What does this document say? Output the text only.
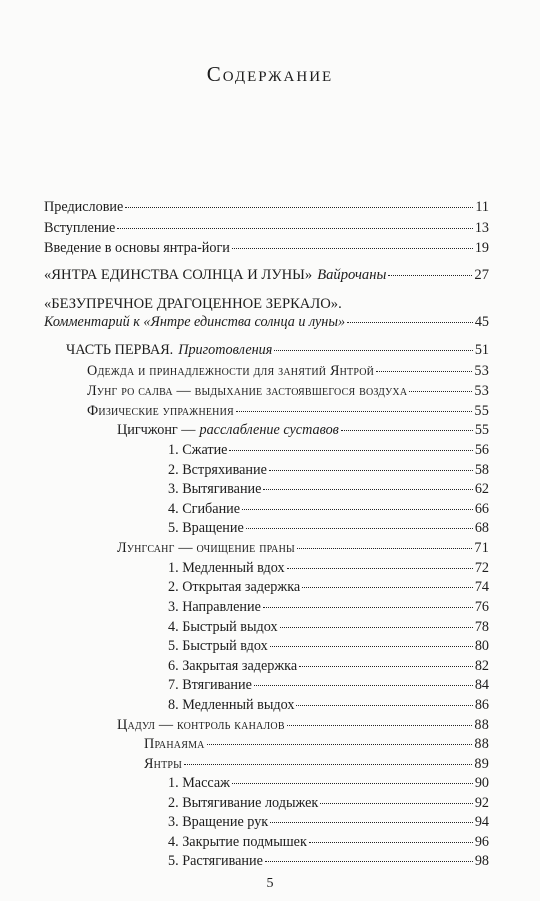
Содержание
Предисловие	11
Вступление	13
Введение в основы янтра-йоги	19
«ЯНТРА ЕДИНСТВА СОЛНЦА И ЛУНЫ» Вайрочаны	27
«БЕЗУПРЕЧНОЕ ДРАГОЦЕННОЕ ЗЕРКАЛО».
Комментарий к «Янтре единства солнца и луны»	45
ЧАСТЬ ПЕРВАЯ. Приготовления	51
Одежда и принадлежности для занятий Янтрой	53
Лунг ро салва — выдыхание застоявшегося воздуха	53
Физические упражнения	55
Цигчжонг — расслабление суставов	55
1. Сжатие	56
2. Встряхивание	58
3. Вытягивание	62
4. Сгибание	66
5. Вращение	68
Лунгсанг — очищение праны	71
1. Медленный вдох	72
2. Открытая задержка	74
3. Направление	76
4. Быстрый выдох	78
5. Быстрый вдох	80
6. Закрытая задержка	82
7. Втягивание	84
8. Медленный выдох	86
Цадул — контроль каналов	88
Пранаяма	88
Янтры	89
1. Массаж	90
2. Вытягивание лодыжек	92
3. Вращение рук	94
4. Закрытие подмышек	96
5. Растягивание	98
5
